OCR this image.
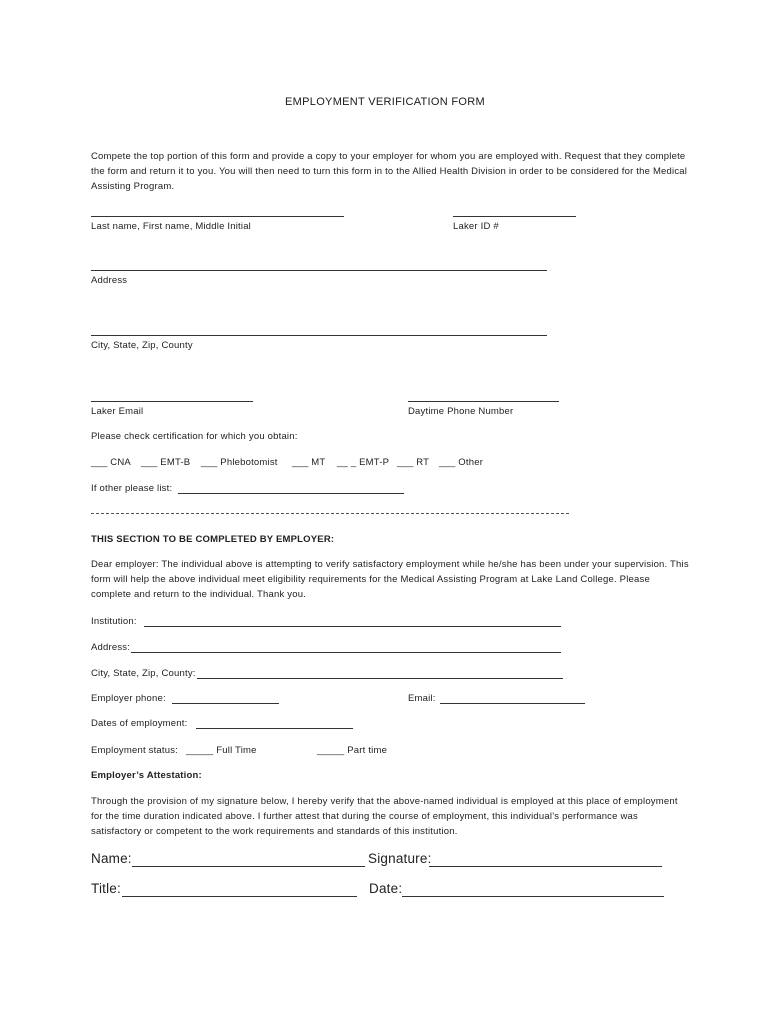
EMPLOYMENT VERIFICATION FORM
Compete the top portion of this form and provide a copy to your employer for whom you are employed with. Request that they complete the form and return it to you. You will then need to turn this form in to the Allied Health Division in order to be considered for the Medical Assisting Program.
Last name, First name, Middle Initial	Laker ID #
Address
City, State, Zip, County
Laker Email	Daytime Phone Number
Please check certification for which you obtain:
___ CNA ___ EMT-B ___ Phlebotomist ___ MT __ _ EMT-P ___ RT ___ Other
If other please list:
THIS SECTION TO BE COMPLETED BY EMPLOYER:
Dear employer: The individual above is attempting to verify satisfactory employment while he/she has been under your supervision. This form will help the above individual meet eligibility requirements for the Medical Assisting Program at Lake Land College. Please complete and return to the individual. Thank you.
Institution:
Address:
City, State, Zip, County:
Employer phone:	Email:
Dates of employment:
Employment status: _____ Full Time	_____ Part time
Employer’s Attestation:
Through the provision of my signature below, I hereby verify that the above-named individual is employed at this place of employment for the time duration indicated above. I further attest that during the course of employment, this individual’s performance was satisfactory or competent to the work requirements and standards of this institution.
Name:	Signature:
Title:	Date:
